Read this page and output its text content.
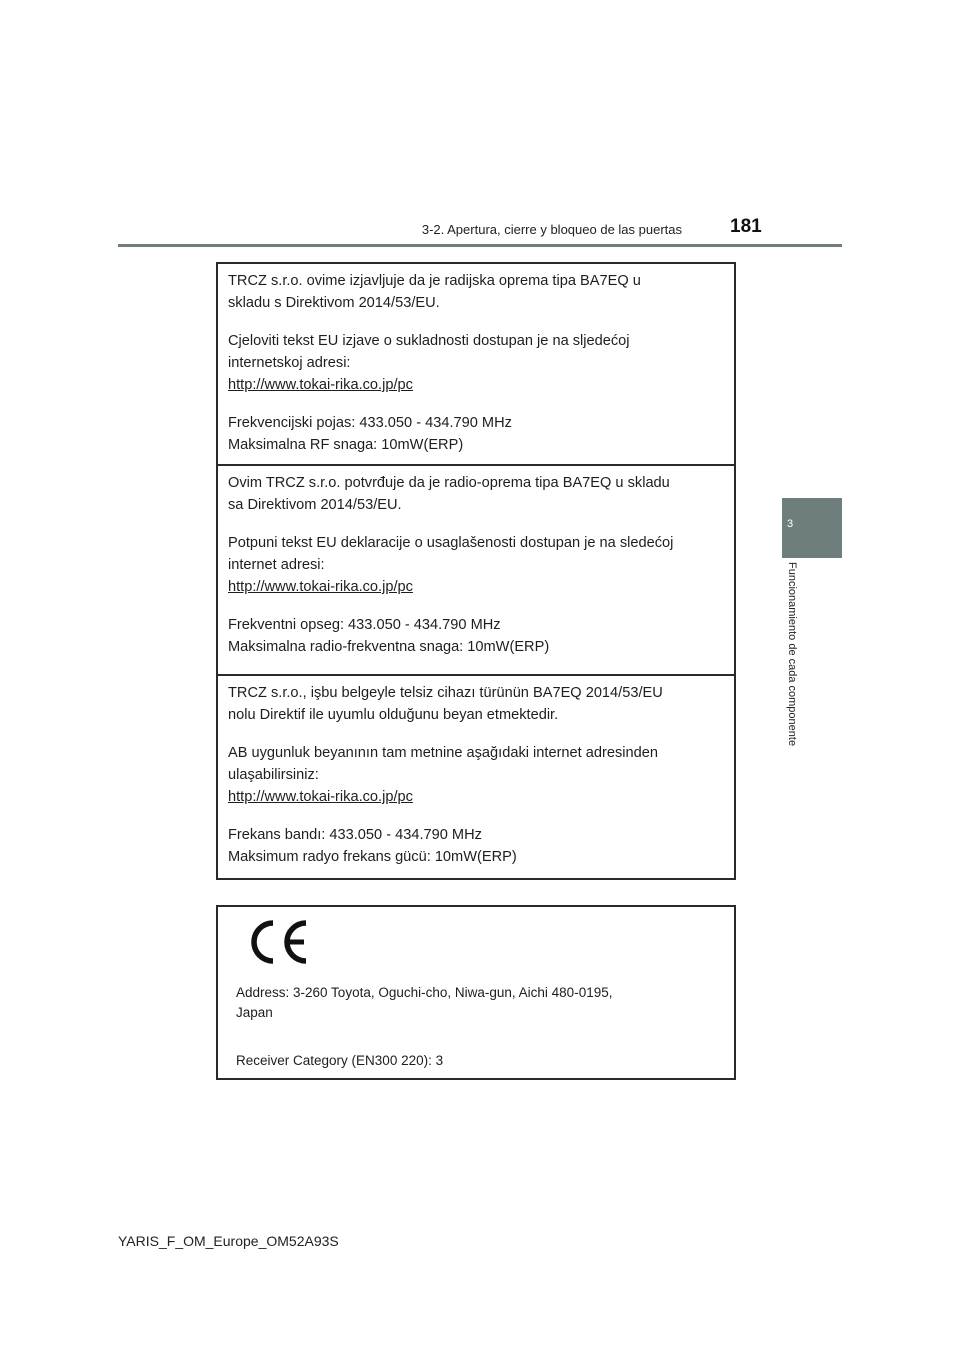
3-2. Apertura, cierre y bloqueo de las puertas	181
3
Funcionamiento de cada componente

TRCZ s.r.o. ovime izjavljuje da je radijska oprema tipa BA7EQ u
skladu s Direktivom 2014/53/EU.

Cjeloviti tekst EU izjave o sukladnosti dostupan je na sljedećoj
internetskoj adresi:
http://www.tokai-rika.co.jp/pc

Frekvencijski pojas: 433.050 - 434.790 MHz
Maksimalna RF snaga: 10mW(ERP)

Ovim TRCZ s.r.o. potvrđuje da je radio-oprema tipa BA7EQ u skladu
sa Direktivom 2014/53/EU.

Potpuni tekst EU deklaracije o usaglašenosti dostupan je na sledećoj
internet adresi:
http://www.tokai-rika.co.jp/pc

Frekventni opseg: 433.050 - 434.790 MHz
Maksimalna radio-frekventna snaga: 10mW(ERP)

TRCZ s.r.o., işbu belgeyle telsiz cihazı türünün BA7EQ 2014/53/EU
nolu Direktif ile uyumlu olduğunu beyan etmektedir.

AB uygunluk beyanının tam metnine aşağıdaki internet adresinden
ulaşabilirsiniz:
http://www.tokai-rika.co.jp/pc

Frekans bandı: 433.050 - 434.790 MHz
Maksimum radyo frekans gücü: 10mW(ERP)

Address: 3-260 Toyota, Oguchi-cho, Niwa-gun, Aichi 480-0195,
Japan
Receiver Category (EN300 220): 3
YARIS_F_OM_Europe_OM52A93S
